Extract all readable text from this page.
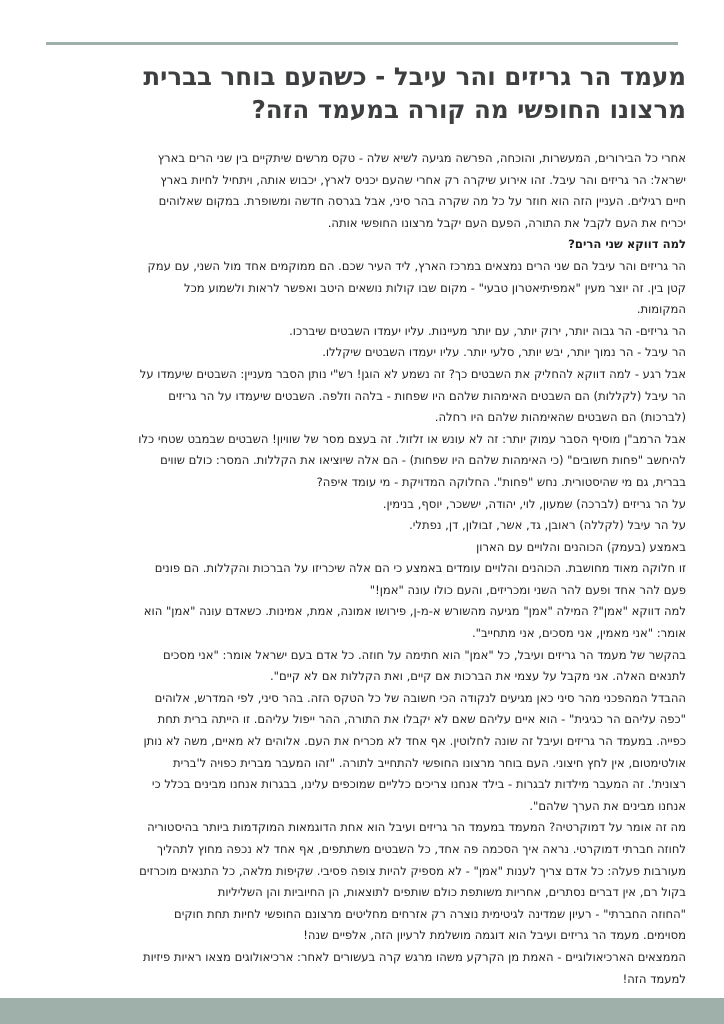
מעמד הר גריזים והר עיבל - כשהעם בוחר בברית
מרצונו החופשי מה קורה במעמד הזה?

אחרי כל הבירורים, המעשרות, והוכחה, הפרשה מגיעה לשיא שלה - טקס מרשים שיתקיים בין שני הרים בארץ

ישראל: הר גריזים והר עיבל. זהו אירוע שיקרה רק אחרי שהעם יכניס לארץ, יכבוש אותה, ויתחיל לחיות בארץ

חיים רגילים. העניין הזה הוא חוזר על כל מה שקרה בהר סיני, אבל בגרסה חדשה ומשופרת. במקום שאלוהים

יכריח את העם לקבל את התורה, הפעם העם יקבל מרצונו החופשי אותה.

למה דווקא שני הרים?

הר גריזים והר עיבל הם שני הרים נמצאים במרכז הארץ, ליד העיר שכם. הם ממוקמים אחד מול השני, עם עמק

קטן בין. זה יוצר מעין "אמפיתיאטרון טבעי" - מקום שבו קולות נושאים היטב ואפשר לראות ולשמוע מכל

המקומות.

הר גריזים- הר גבוה יותר, ירוק יותר, עם יותר מעיינות. עליו יעמדו השבטים שיברכו.

הר עיבל - הר נמוך יותר, יבש יותר, סלעי יותר. עליו יעמדו השבטים שיקללו.

אבל רגע - למה דווקא להחליק את השבטים כך? זה נשמע לא הוגן! רש"י נותן הסבר מעניין: השבטים שיעמדו על

הר עיבל (לקללות) הם השבטים האימהות שלהם היו שפחות - בלהה וזלפה. השבטים שיעמדו על הר גריזים

(לברכות) הם השבטים שהאימהות שלהם היו רחלה.

אבל הרמב"ן מוסיף הסבר עמוק יותר: זה לא עונש או זלזול. זה בעצם מסר של שוויון! השבטים שבמבט שטחי כלו

להיחשב "פחות חשובים" (כי האימהות שלהם היו שפחות) - הם אלה שיוציאו את הקללות. המסר: כולם שווים

בברית, גם מי שהיסטורית. נחש "פחות". החלוקה המדויקת - מי עומד איפה?

על הר גריזים (לברכה) שמעון, לוי, יהודה, יששכר, יוסף, בנימין.

על הר עיבל (לקללה) ראובן, גד, אשר, זבולון, דן, נפתלי.

באמצע (בעמק) הכוהנים והלויים עם הארון

זו חלוקה מאוד מחושבת. הכוהנים והלויים עומדים באמצע כי הם אלה שיכריזו על הברכות והקללות. הם פונים

פעם להר אחד ופעם להר השני ומכריזים, והעם כולו עונה "אמן!"

למה דווקא "אמן"? המילה "אמן" מגיעה מהשורש א-מ-ן, פירושו אמונה, אמת, אמינות. כשאדם עונה "אמן" הוא

אומר: "אני מאמין, אני מסכים, אני מתחייב".

בהקשר של מעמד הר גריזים ועיבל, כל "אמן" הוא חתימה על חוזה. כל אדם בעם ישראל אומר: "אני מסכים

לתנאים האלה. אני מקבל על עצמי את הברכות אם קיים, ואת הקללות אם לא קיים".

ההבדל המהפכני מהר סיני כאן מגיעים לנקודה הכי חשובה של כל הטקס הזה. בהר סיני, לפי המדרש, אלוהים

"כפה עליהם הר כגיגית" - הוא איים עליהם שאם לא יקבלו את התורה, ההר ייפול עליהם. זו הייתה ברית תחת

כפייה. במעמד הר גריזים ועיבל זה שונה לחלוטין. אף אחד לא מכריח את העם. אלוהים לא מאיים, משה לא נותן

אולטימטום, אין לחץ חיצוני. העם בוחר מרצונו החופשי להתחייב לתורה. "זהו המעבר מברית כפויה ל'ברית

רצונית'. זה המעבר מילדות לבגרות - בילד אנחנו צריכים כלליים שמוכפים עלינו, בבגרות אנחנו מבינים בכלל כי

אנחנו מבינים את הערך שלהם".

מה זה אומר על דמוקרטיה? המעמד במעמד הר גריזים ועיבל הוא אחת הדוגמאות המוקדמות ביותר בהיסטוריה

לחוזה חברתי דמוקרטי. נראה איך הסכמה פה אחד, כל השבטים משתתפים, אף אחד לא נכפה מחוץ לתהליך

מעורבות פעלה: כל אדם צריך לענות "אמן" - לא מספיק להיות צופה פסיבי. שקיפות מלאה, כל התנאים מוכרזים

בקול רם, אין דברים נסתרים, אחריות משותפת כולם שותפים לתוצאות, הן החיוביות והן השליליות

"החוזה החברתי" - רעיון שמדינה לגיטימית נוצרה רק אזרחים מחליטים מרצונם החופשי לחיות תחת חוקים

מסוימים. מעמד הר גריזים ועיבל הוא דוגמה מושלמת לרעיון הזה, אלפיים שנה!

הממצאים הארכיאולוגיים - האמת מן הקרקע משהו מרגש קרה בעשורים לאחר: ארכיאולוגים מצאו ראיות פיזיות

למעמד הזה!
